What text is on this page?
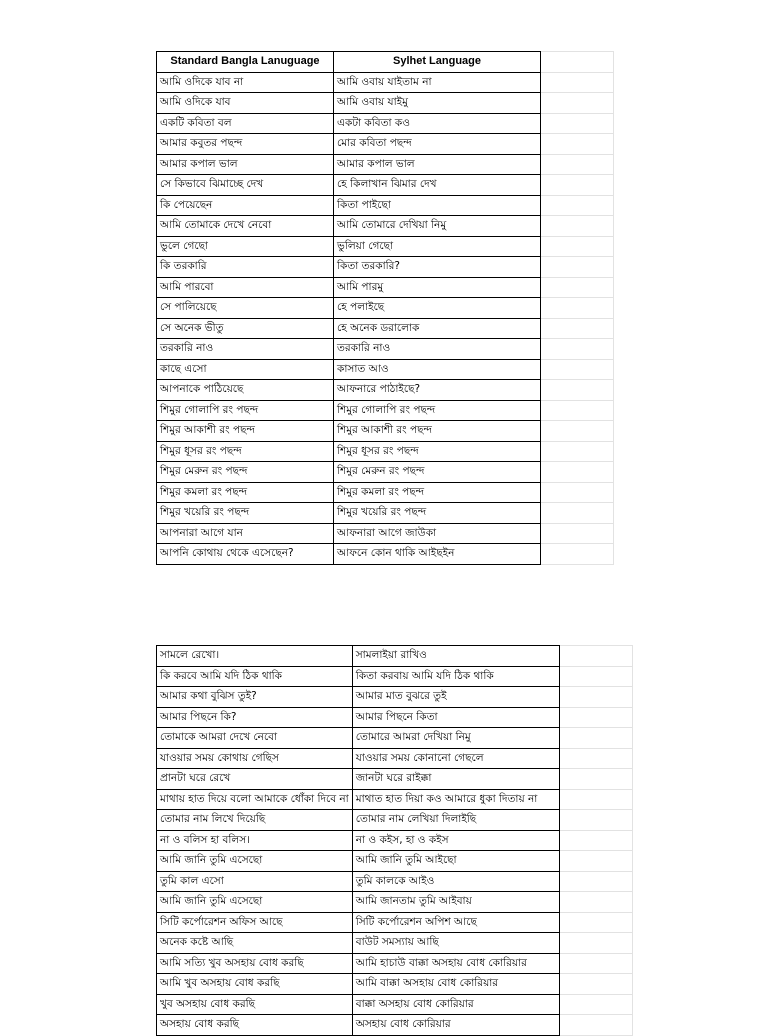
Standard Bangla Lanuguage	Sylhet Language	
আমি ওদিকে যাব না	আমি ওবায় যাইতাম না	
আমি ওদিকে যাব	আমি ওবায় যাইমু	
একটি কবিতা বল	একটা কবিতা কও	
আমার কবুতর পছন্দ	মোর কবিতা পছন্দ	
আমার কপাল ভাল	আমার কপাল ভাল	
সে কিভাবে ঝিমাচ্ছে দেখ	হে কিলাখান ঝিমার দেখ	
কি পেয়েছেন	কিতা পাইছো	
আমি তোমাকে দেখে নেবো	আমি তোমারে দেখিয়া নিমু	
ভুলে গেছো	ভুলিয়া গেছো	
কি তরকারি	কিতা তরকারি?	
আমি পারবো	আমি পারমু	
সে পালিয়েছে	হে পলাইছে	
সে অনেক ভীতু	হে অনেক ডরালোক	
তরকারি নাও	তরকারি নাও	
কাছে এসো	কাসাত আও	
আপনাকে পাঠিয়েছে	আফনারে পাঠাইছে?	
শিমুর গোলাপি রং পছন্দ	শিমুর গোলাপি রং পছন্দ	
শিমুর আকাশী রং পছন্দ	শিমুর আকাশী রং পছন্দ	
শিমুর ধূসর রং পছন্দ	শিমুর ধূসর রং পছন্দ	
শিমুর মেরুন রং পছন্দ	শিমুর মেরুন রং পছন্দ	
শিমুর কমলা রং পছন্দ	শিমুর কমলা রং পছন্দ	
শিমুর খয়েরি রং পছন্দ	শিমুর খয়েরি রং পছন্দ	
আপনারা আগে যান	আফনারা আগে জাউকা	
আপনি কোথায় থেকে এসেছেন?	আফনে কোন থাকি আইছইন	
সামলে রেখো।	সামলাইয়া রাখিও	
কি করবে আমি যদি ঠিক থাকি	কিতা করবায় আমি যদি ঠিক থাকি	
আমার কথা বুঝিস তুই?	আমার মাত বুঝরে তুই	
আমার পিছনে কি?	আমার পিছনে কিতা	
তোমাকে আমরা দেখে নেবো	তোমারে আমরা দেখিয়া নিমু	
যাওয়ার সময় কোথায় গেছিস	যাওয়ার সময় কোনানো গেছলে	
প্রানটা ঘরে রেখে	জানটা ঘরে রাইক্কা	
মাথায় হাত দিয়ে বলো আমাকে ধোঁকা দিবে না	মাথাত হাত দিয়া কও আমারে ধুকা দিতায় না	
তোমার নাম লিখে দিয়েছি	তোমার নাম লেখিয়া দিলাইছি	
না ও বলিস হা বলিস।	না ও কইস, হা ও কইস	
আমি জানি তুমি এসেছো	আমি জানি তুমি আইছো	
তুমি কাল এসো	তুমি কালকে আইও	
আমি জানি তুমি এসেছো	আমি জানতাম তুমি আইবায়	
সিটি কর্পোরেশন অফিস আছে	সিটি কর্পোরেশন অপিশ আছে	
অনেক কষ্টে আছি	বাউট সমস্যায় আছি	
আমি সত্যি খুব অসহায় বোধ করছি	আমি হাচাউ বাক্কা অসহায় বোধ কোরিয়ার	
আমি খুব অসহায় বোধ করছি	আমি বাক্কা অসহায় বোধ কোরিয়ার	
খুব অসহায় বোধ করছি	বাক্কা অসহায় বোধ কোরিয়ার	
অসহায় বোধ করছি	অসহায় বোধ কোরিয়ার	
